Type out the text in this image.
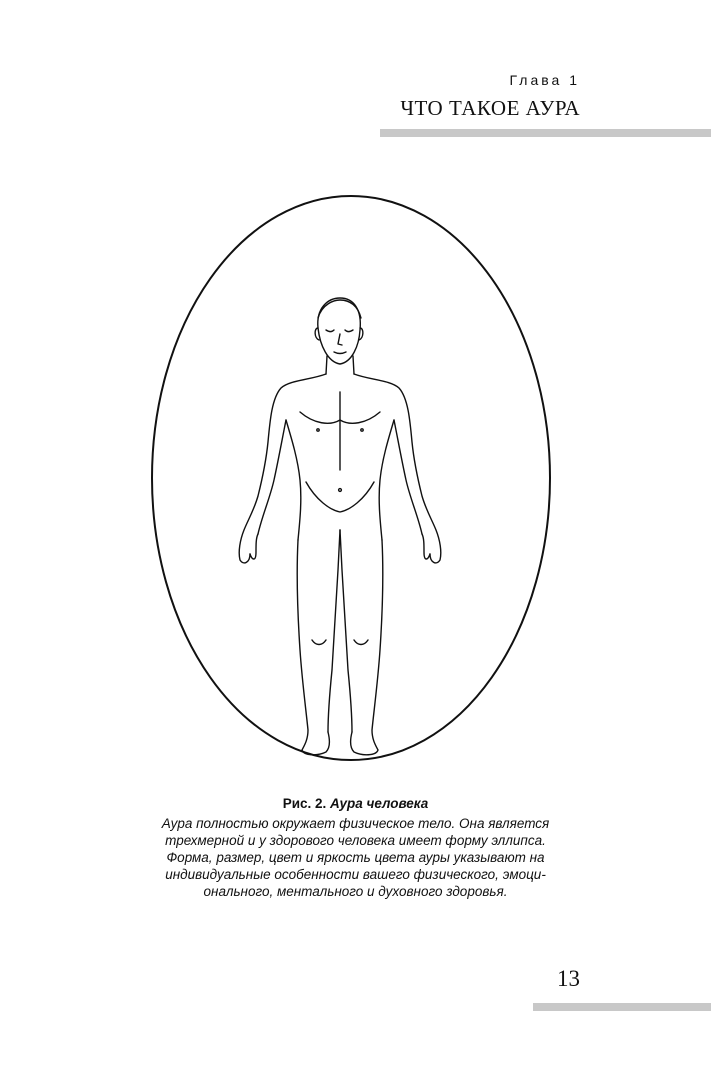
Глава 1
ЧТО ТАКОЕ АУРА
Рис. 2. Аура человека
Аура полностью окружает физическое тело. Она является
трехмерной и у здорового человека имеет форму эллипса.
Форма, размер, цвет и яркость цвета ауры указывают на
индивидуальные особенности вашего физического, эмоци-
онального, ментального и духовного здоровья.
13
